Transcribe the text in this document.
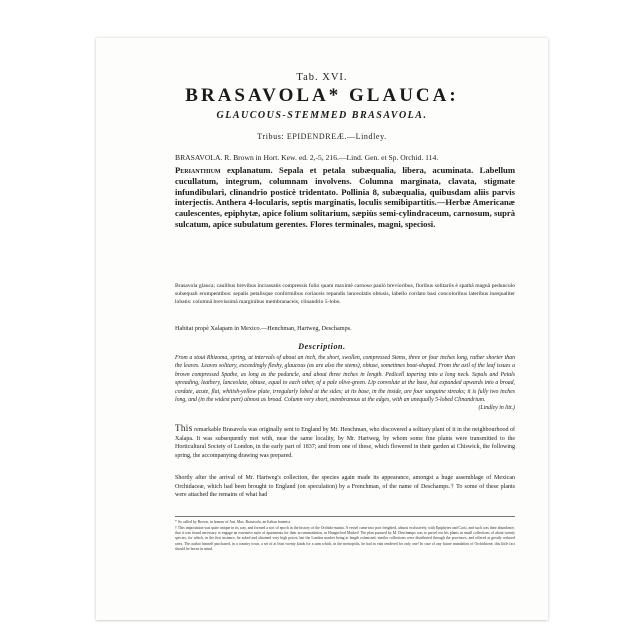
Tab. XVI.
BRASAVOLA* GLAUCA:
GLAUCOUS-STEMMED BRASAVOLA.
Tribus: EPIDENDREÆ.—Lindley.
BRASAVOLA. R. Brown in Hort. Kew. ed. 2,-5, 216.—Lind. Gen. et Sp. Orchid. 114.
Perianthium explanatum. Sepala et petala subæqualia, libera, acuminata. Labellum cucullatum, integrum, columnam involvens. Columna marginata, clavata, stigmate infundibulari, clinandrio posticè tridentato. Pollinia 8, subæqualia, quibusdam aliis parvis interjectis. Anthera 4-locularis, septis marginatis, loculis semibipartitis.—Herbæ Americanæ caulescentes, epiphytæ, apice folium solitarium, sæpiùs semi-cylindraceum, carnosum, suprà sulcatum, apice subulatum gerentes. Flores terminales, magni, speciosi.
Brasavola glauca; caulibus brevibus incrassatis compressis folio quam maximè carnoso paulò brevioribus, floribus solitariis è spathâ magnâ pedunculo subæquali erumpentibus: sepalis petalisque conformibus coriaceis repandis lanceolatis obtusis, labello cordato basi concoloribus lateribus inæqualiter lobatis: columnâ brevissimâ marginibus membranaceis, clinandrio 5-lobo.
Habitat propè Xalapam in Mexico.—Henchman, Hartweg, Deschamps.
Description.
From a stout Rhizoma, spring, at intervals of about an inch, the short, swollen, compressed Stems, three or four inches long, rather shorter than the leaves. Leaves solitary, exceedingly fleshy, glaucous (as are also the stems), obtuse, sometimes boat-shaped. From the axil of the leaf issues a brown compressed Spathe, as long as the peduncle, and about three inches in length. Pedicell tapering into a long neck. Sepals and Petals spreading, leathery, lanceolate, obtuse, equal to each other, of a pale olive-green. Lip convolute at the base, but expanded upwards into a broad, cordate, acute, flat, whitish-yellow plate, irregularly lobed at the sides; at its base, in the inside, are four sanguine streaks; it is fully two inches long, and (in the widest part) almost as broad. Column very short, membranous at the edges, with an unequally 5-lobed Clinandrium.
(Lindley in litt.)
This remarkable Brasavola was originally sent to England by Mr. Henchman, who discovered a solitary plant of it in the neighbourhood of Xalapa. It was subsequently met with, near the same locality, by Mr. Hartweg, by whom some fine plants were transmitted to the Horticultural Society of London, in the early part of 1837; and from one of these, which flowered in their garden at Chiswick, the following spring, the accompanying drawing was prepared.
Shortly after the arrival of Mr. Hartweg's collection, the species again made its appearance, amongst a huge assemblage of Mexican Orchidaceæ, which had been brought to England (on speculation) by a Frenchman, of the name of Deschamps.† To some of these plants were attached the remains of what had
* So called by Brown, in honour of Ant. Mus. Brasavola, an Italian botanist.
† This importation was quite unique in its way, and formed a sort of epoch in the history of the Orchido-mania. A vessel came into port freighted, almost exclusively, with Epiphytes and Cacti, and such was their abundance, that it was found necessary to engage an extensive suite of apartments for their accommodation, in Hungerford Market! The plan pursued by M. Deschamps was to parcel out his plants in small collections of about twenty species, for which, in the first instance, he asked and obtained very high prices, but the London market being at length exhausted, similar collections were distributed through the provinces, and offered at greatly reduced rates. The author himself purchased, in a country town, a set of at least twenty kinds for a sum which, in the metropolis, he had in vain tendered for only one! In case of any future inundation of Orchidaceæ, this little fact should be borne in mind.
